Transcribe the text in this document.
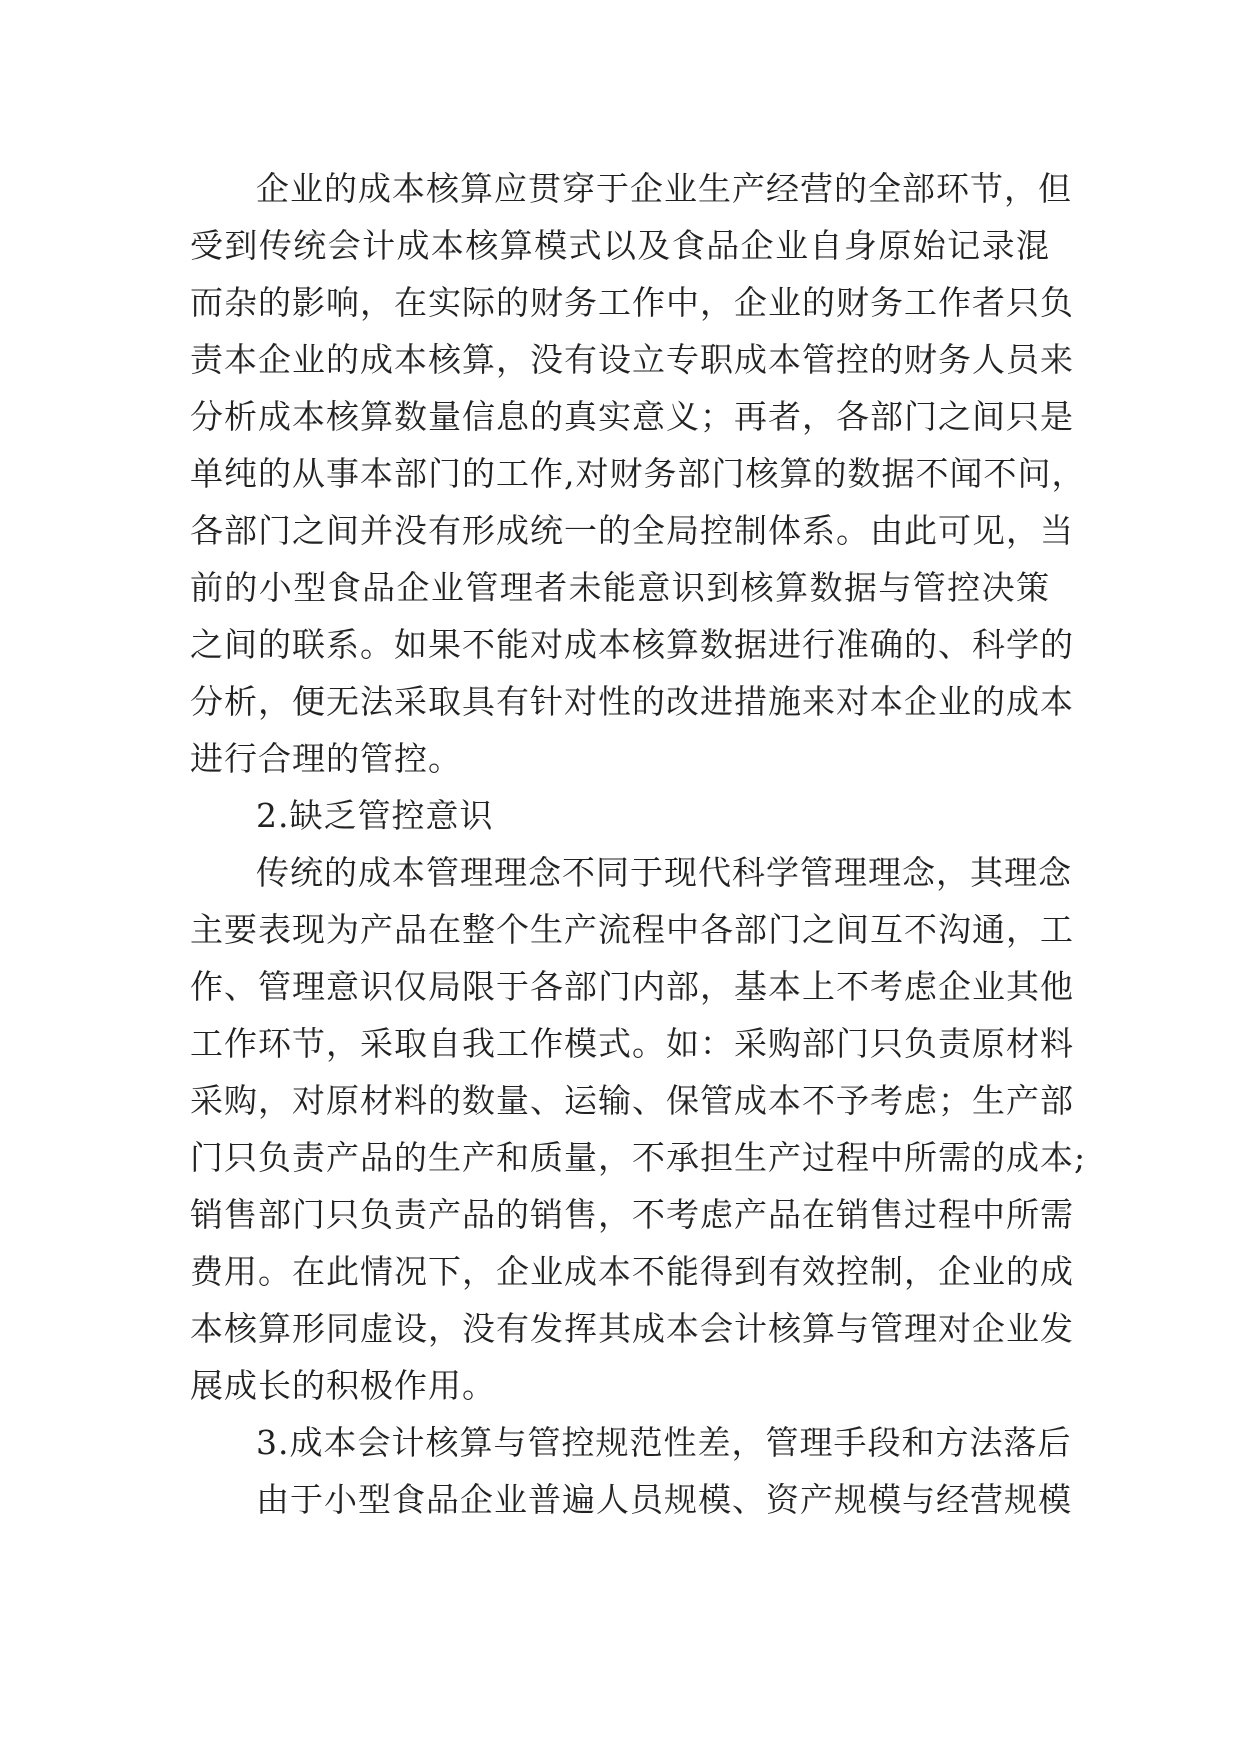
企业的成本核算应贯穿于企业生产经营的全部环节，但
受到传统会计成本核算模式以及食品企业自身原始记录混
而杂的影响，在实际的财务工作中，企业的财务工作者只负
责本企业的成本核算，没有设立专职成本管控的财务人员来
分析成本核算数量信息的真实意义；再者，各部门之间只是
单纯的从事本部门的工作,对财务部门核算的数据不闻不问，
各部门之间并没有形成统一的全局控制体系。由此可见，当
前的小型食品企业管理者未能意识到核算数据与管控决策
之间的联系。如果不能对成本核算数据进行准确的、科学的
分析，便无法采取具有针对性的改进措施来对本企业的成本
进行合理的管控。
2.缺乏管控意识
传统的成本管理理念不同于现代科学管理理念，其理念
主要表现为产品在整个生产流程中各部门之间互不沟通，工
作、管理意识仅局限于各部门内部，基本上不考虑企业其他
工作环节，采取自我工作模式。如：采购部门只负责原材料
采购，对原材料的数量、运输、保管成本不予考虑；生产部
门只负责产品的生产和质量，不承担生产过程中所需的成本;
销售部门只负责产品的销售，不考虑产品在销售过程中所需
费用。在此情况下，企业成本不能得到有效控制，企业的成
本核算形同虚设，没有发挥其成本会计核算与管理对企业发
展成长的积极作用。
3.成本会计核算与管控规范性差，管理手段和方法落后
由于小型食品企业普遍人员规模、资产规模与经营规模
